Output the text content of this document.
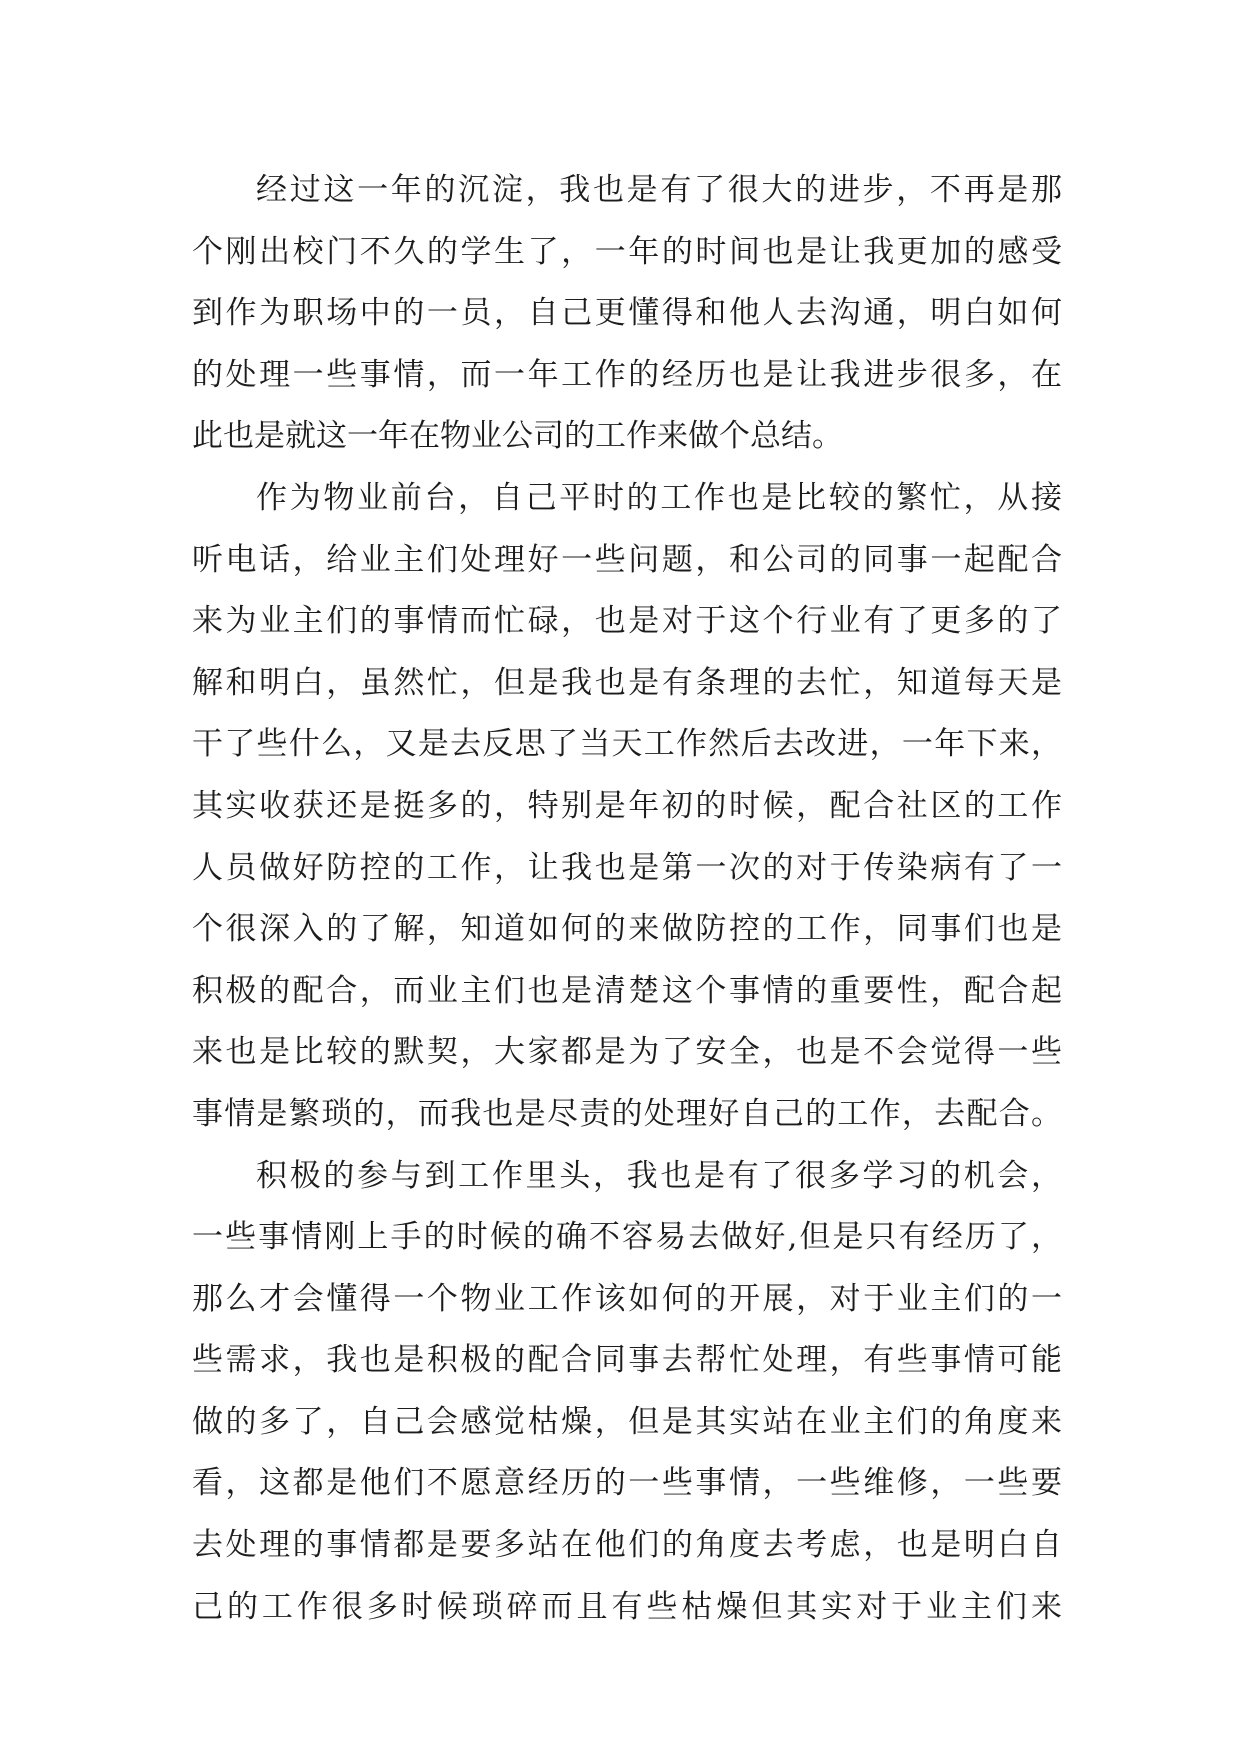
经过这一年的沉淀，我也是有了很大的进步，不再是那
个刚出校门不久的学生了，一年的时间也是让我更加的感受
到作为职场中的一员，自己更懂得和他人去沟通，明白如何
的处理一些事情，而一年工作的经历也是让我进步很多，在
此也是就这一年在物业公司的工作来做个总结。
作为物业前台，自己平时的工作也是比较的繁忙，从接
听电话，给业主们处理好一些问题，和公司的同事一起配合
来为业主们的事情而忙碌，也是对于这个行业有了更多的了
解和明白，虽然忙，但是我也是有条理的去忙，知道每天是
干了些什么，又是去反思了当天工作然后去改进，一年下来，
其实收获还是挺多的，特别是年初的时候，配合社区的工作
人员做好防控的工作，让我也是第一次的对于传染病有了一
个很深入的了解，知道如何的来做防控的工作，同事们也是
积极的配合，而业主们也是清楚这个事情的重要性，配合起
来也是比较的默契，大家都是为了安全，也是不会觉得一些
事情是繁琐的，而我也是尽责的处理好自己的工作，去配合。
积极的参与到工作里头，我也是有了很多学习的机会，
一些事情刚上手的时候的确不容易去做好,但是只有经历了，
那么才会懂得一个物业工作该如何的开展，对于业主们的一
些需求，我也是积极的配合同事去帮忙处理，有些事情可能
做的多了，自己会感觉枯燥，但是其实站在业主们的角度来
看，这都是他们不愿意经历的一些事情，一些维修，一些要
去处理的事情都是要多站在他们的角度去考虑，也是明白自
己的工作很多时候琐碎而且有些枯燥但其实对于业主们来
